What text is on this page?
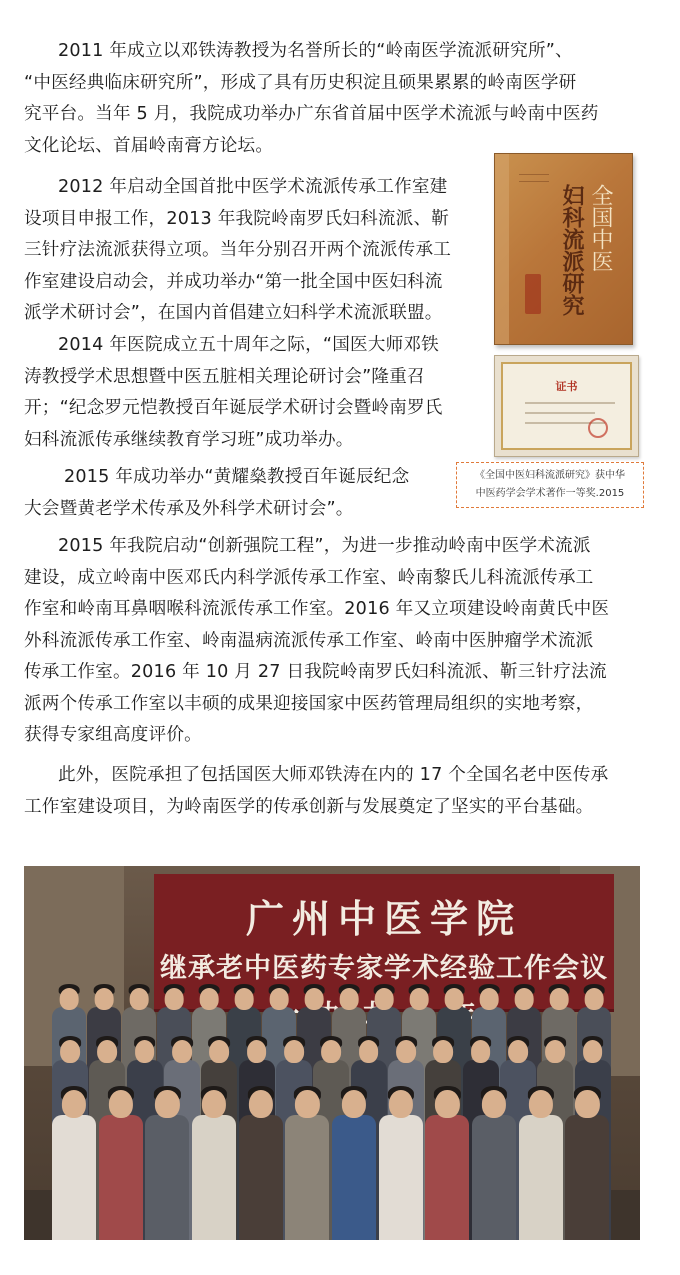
2011 年成立以邓铁涛教授为名誉所长的“岭南医学流派研究所”、
“中医经典临床研究所”，形成了具有历史积淀且硕果累累的岭南医学研
究平台。当年 5 月，我院成功举办广东省首届中医学术流派与岭南中医药
文化论坛、首届岭南膏方论坛。
2012 年启动全国首批中医学术流派传承工作室建
设项目申报工作，2013 年我院岭南罗氏妇科流派、靳
三针疗法流派获得立项。当年分别召开两个流派传承工
作室建设启动会，并成功举办“第一批全国中医妇科流
派学术研讨会”，在国内首倡建立妇科学术流派联盟。
2014 年医院成立五十周年之际，“国医大师邓铁
涛教授学术思想暨中医五脏相关理论研讨会”隆重召
开；“纪念罗元恺教授百年诞辰学术研讨会暨岭南罗氏
妇科流派传承继续教育学习班”成功举办。
2015 年成功举办“黄耀燊教授百年诞辰纪念
大会暨黄老学术传承及外科学术研讨会”。
2015 年我院启动“创新强院工程”，为进一步推动岭南中医学术流派
建设，成立岭南中医邓氏内科学派传承工作室、岭南黎氏儿科流派传承工
作室和岭南耳鼻咽喉科流派传承工作室。2016 年又立项建设岭南黄氏中医
外科流派传承工作室、岭南温病流派传承工作室、岭南中医肿瘤学术流派
传承工作室。2016 年 10 月 27 日我院岭南罗氏妇科流派、靳三针疗法流
派两个传承工作室以丰硕的成果迎接国家中医药管理局组织的实地考察，
获得专家组高度评价。
此外，医院承担了包括国医大师邓铁涛在内的 17 个全国名老中医传承
工作室建设项目，为岭南医学的传承创新与发展奠定了坚实的平台基础。
全国中医
妇科流派研究
证书
《全国中医妇科流派研究》获中华
中医药学会学术著作一等奖.2015
广州中医学院
继承老中医药专家学术经验工作会议
